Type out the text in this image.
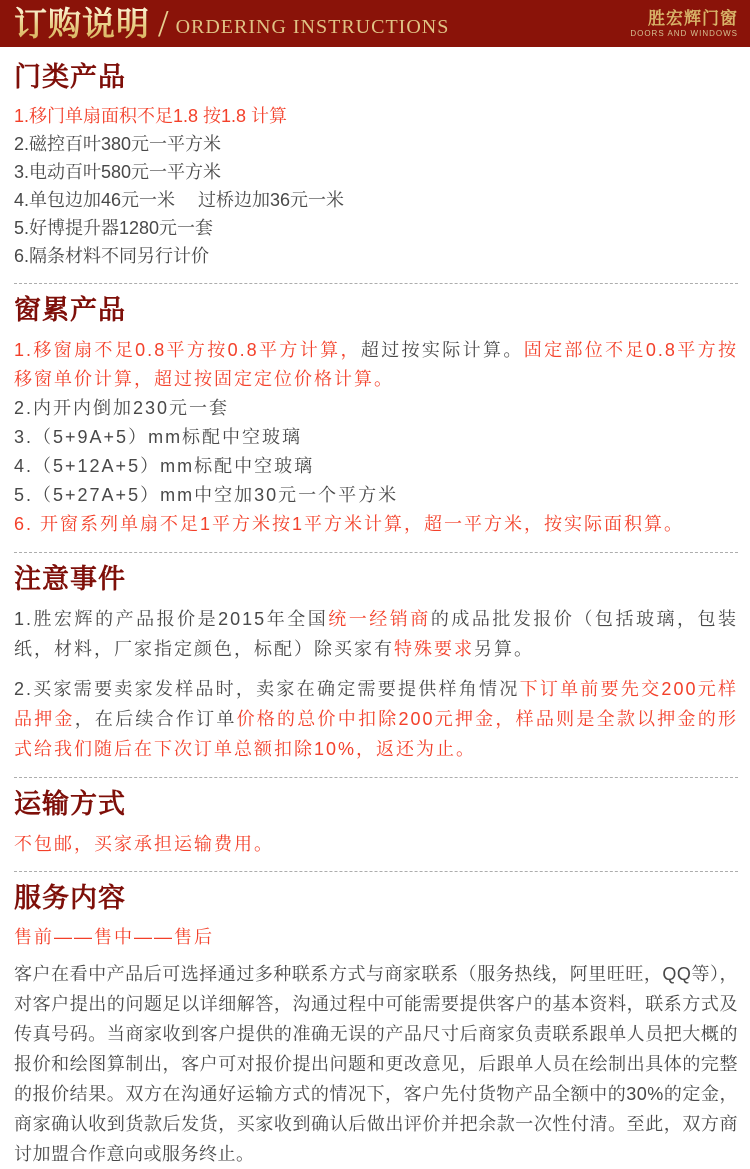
订购说明 / ORDERING INSTRUCTIONS	胜宏辉门窗
DOORS AND WINDOWS
门类产品

1.移门单扇面积不足1.8 按1.8 计算

2.磁控百叶380元一平方米

3.电动百叶580元一平方米

4.单包边加46元一米　 过桥边加36元一米

5.好博提升器1280元一套

6.隔条材料不同另行计价

窗累产品

1.移窗扇不足0.8平方按0.8平方计算，超过按实际计算。固定部位不足0.8平方按移窗单价计算，超过按固定定位价格计算。

2.内开内倒加230元一套

3.（5+9A+5）mm标配中空玻璃

4.（5+12A+5）mm标配中空玻璃

5.（5+27A+5）mm中空加30元一个平方米

6. 开窗系列单扇不足1平方米按1平方米计算，超一平方米，按实际面积算。

注意事件

1.胜宏辉的产品报价是2015年全国统一经销商的成品批发报价（包括玻璃，包装纸，材料，厂家指定颜色，标配）除买家有特殊要求另算。

2.买家需要卖家发样品时，卖家在确定需要提供样角情况下订单前要先交200元样品押金，在后续合作订单价格的总价中扣除200元押金，样品则是全款以押金的形式给我们随后在下次订单总额扣除10%，返还为止。

运输方式

不包邮，买家承担运输费用。

服务内容

售前——售中——售后

客户在看中产品后可选择通过多种联系方式与商家联系（服务热线，阿里旺旺，QQ等），对客户提出的问题足以详细解答，沟通过程中可能需要提供客户的基本资料，联系方式及传真号码。当商家收到客户提供的准确无误的产品尺寸后商家负责联系跟单人员把大概的报价和绘图算制出，客户可对报价提出问题和更改意见，后跟单人员在绘制出具体的完整的报价结果。双方在沟通好运输方式的情况下，客户先付货物产品全额中的30%的定金，商家确认收到货款后发货，买家收到确认后做出评价并把余款一次性付清。至此，双方商讨加盟合作意向或服务终止。
